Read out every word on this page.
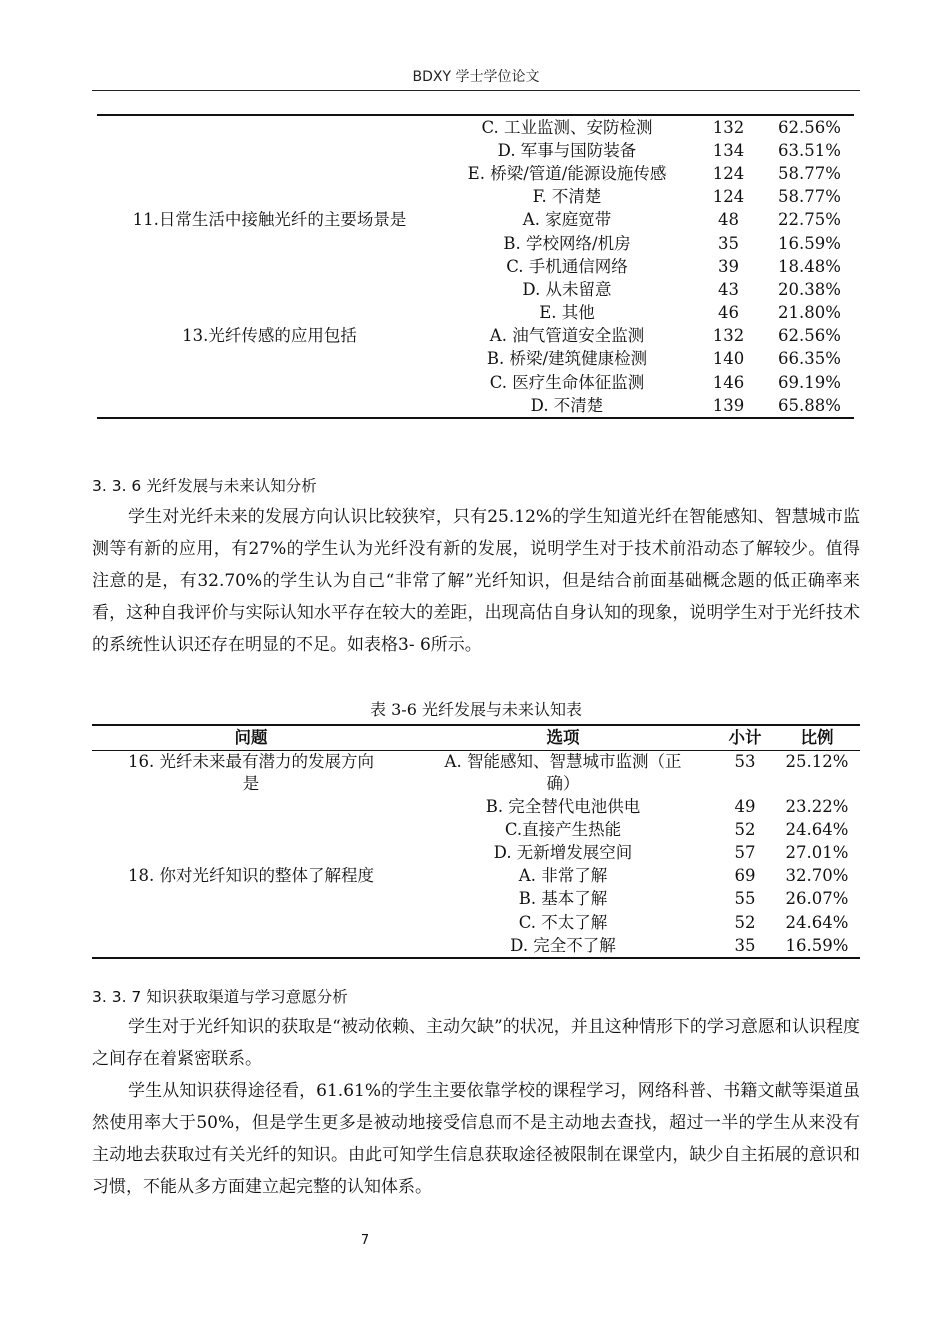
BDXY 学士学位论文
	C. 工业监测、安防检测	132	62.56%
	D. 军事与国防装备	134	63.51%
	E. 桥梁/管道/能源设施传感	124	58.77%
	F. 不清楚	124	58.77%
11.日常生活中接触光纤的主要场景是	A. 家庭宽带	48	22.75%
	B. 学校网络/机房	35	16.59%
	C. 手机通信网络	39	18.48%
	D. 从未留意	43	20.38%
	E. 其他	46	21.80%
13.光纤传感的应用包括	A. 油气管道安全监测	132	62.56%
	B. 桥梁/建筑健康检测	140	66.35%
	C. 医疗生命体征监测	146	69.19%
	D. 不清楚	139	65.88%
3. 3. 6 光纤发展与未来认知分析

学生对光纤未来的发展方向认识比较狭窄，只有25.12%的学生知道光纤在智能感知、智慧城市监测等有新的应用，有27%的学生认为光纤没有新的发展，说明学生对于技术前沿动态了解较少。值得注意的是，有32.70%的学生认为自己“非常了解”光纤知识，但是结合前面基础概念题的低正确率来看，这种自我评价与实际认知水平存在较大的差距，出现高估自身认知的现象，说明学生对于光纤技术的系统性认识还存在明显的不足。如表格3- 6所示。

表 3-6 光纤发展与未来认知表
问题	选项	小计	比例
16. 光纤未来最有潜力的发展方向是	A. 智能感知、智慧城市监测（正确）	53	25.12%
	B. 完全替代电池供电	49	23.22%
	C.直接产生热能	52	24.64%
	D. 无新增发展空间	57	27.01%
18. 你对光纤知识的整体了解程度	A. 非常了解	69	32.70%
	B. 基本了解	55	26.07%
	C. 不太了解	52	24.64%
	D. 完全不了解	35	16.59%
3. 3. 7 知识获取渠道与学习意愿分析

学生对于光纤知识的获取是“被动依赖、主动欠缺”的状况，并且这种情形下的学习意愿和认识程度之间存在着紧密联系。

学生从知识获得途径看，61.61%的学生主要依靠学校的课程学习，网络科普、书籍文献等渠道虽然使用率大于50%，但是学生更多是被动地接受信息而不是主动地去查找，超过一半的学生从来没有主动地去获取过有关光纤的知识。由此可知学生信息获取途径被限制在课堂内，缺少自主拓展的意识和习惯，不能从多方面建立起完整的认知体系。

7
